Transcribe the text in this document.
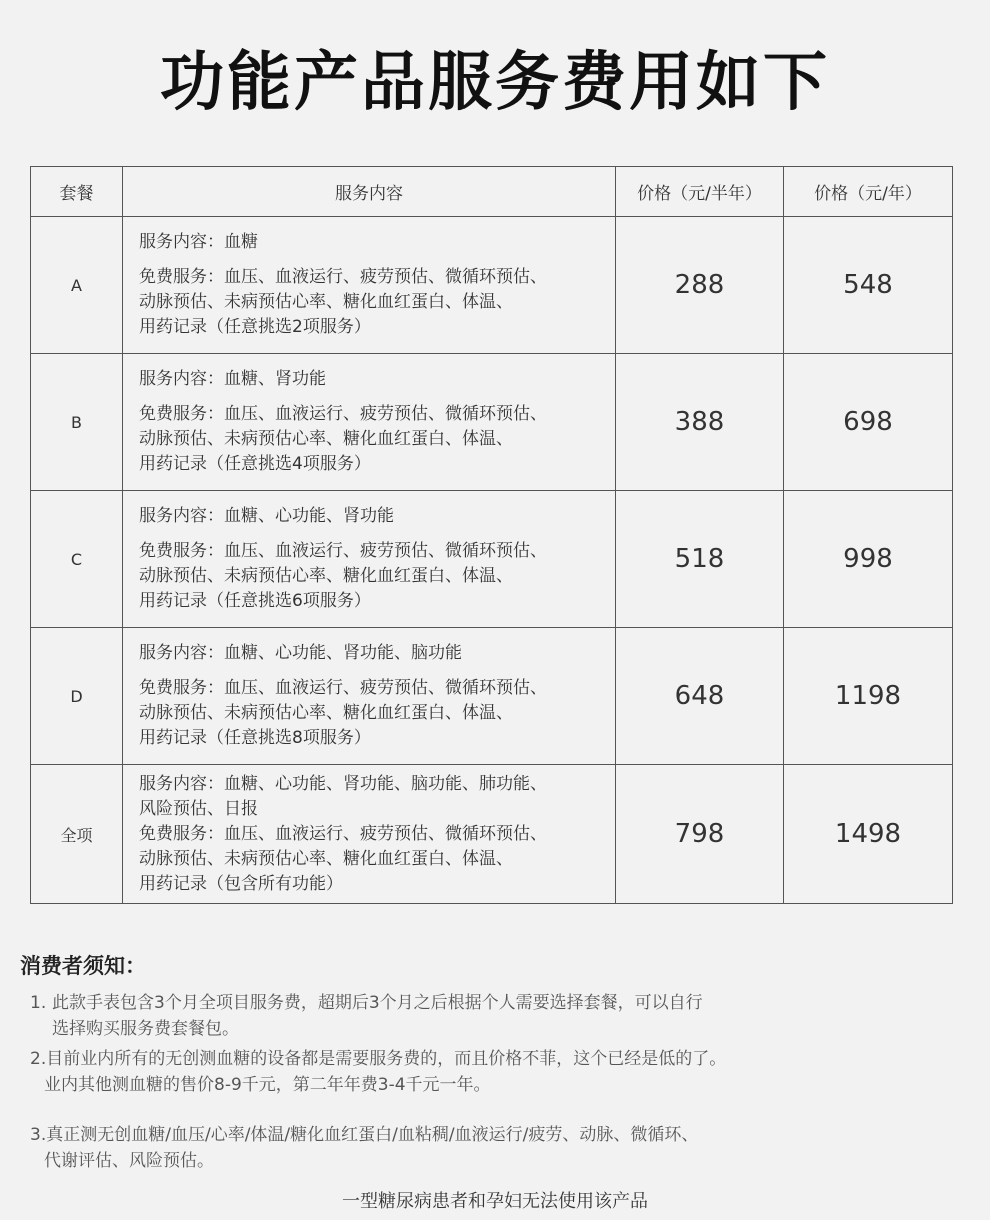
功能产品服务费用如下
套餐	服务内容	价格（元/半年）	价格（元/年）
A	服务内容：血糖
免费服务：血压、血液运行、疲劳预估、微循环预估、
动脉预估、未病预估心率、糖化血红蛋白、体温、
用药记录（任意挑选2项服务）	288	548
B	服务内容：血糖、肾功能
免费服务：血压、血液运行、疲劳预估、微循环预估、
动脉预估、未病预估心率、糖化血红蛋白、体温、
用药记录（任意挑选4项服务）	388	698
C	服务内容：血糖、心功能、肾功能
免费服务：血压、血液运行、疲劳预估、微循环预估、
动脉预估、未病预估心率、糖化血红蛋白、体温、
用药记录（任意挑选6项服务）	518	998
D	服务内容：血糖、心功能、肾功能、脑功能
免费服务：血压、血液运行、疲劳预估、微循环预估、
动脉预估、未病预估心率、糖化血红蛋白、体温、
用药记录（任意挑选8项服务）	648	1198
全项	服务内容：血糖、心功能、肾功能、脑功能、肺功能、
风险预估、日报
免费服务：血压、血液运行、疲劳预估、微循环预估、
动脉预估、未病预估心率、糖化血红蛋白、体温、
用药记录（包含所有功能）	798	1498
消费者须知：
1. 此款手表包含3个月全项目服务费，超期后3个月之后根据个人需要选择套餐，可以自行
选择购买服务费套餐包。
2.目前业内所有的无创测血糖的设备都是需要服务费的，而且价格不菲，这个已经是低的了。
业内其他测血糖的售价8-9千元，第二年年费3-4千元一年。
3.真正测无创血糖/血压/心率/体温/糖化血红蛋白/血粘稠/血液运行/疲劳、动脉、微循环、
代谢评估、风险预估。
一型糖尿病患者和孕妇无法使用该产品
